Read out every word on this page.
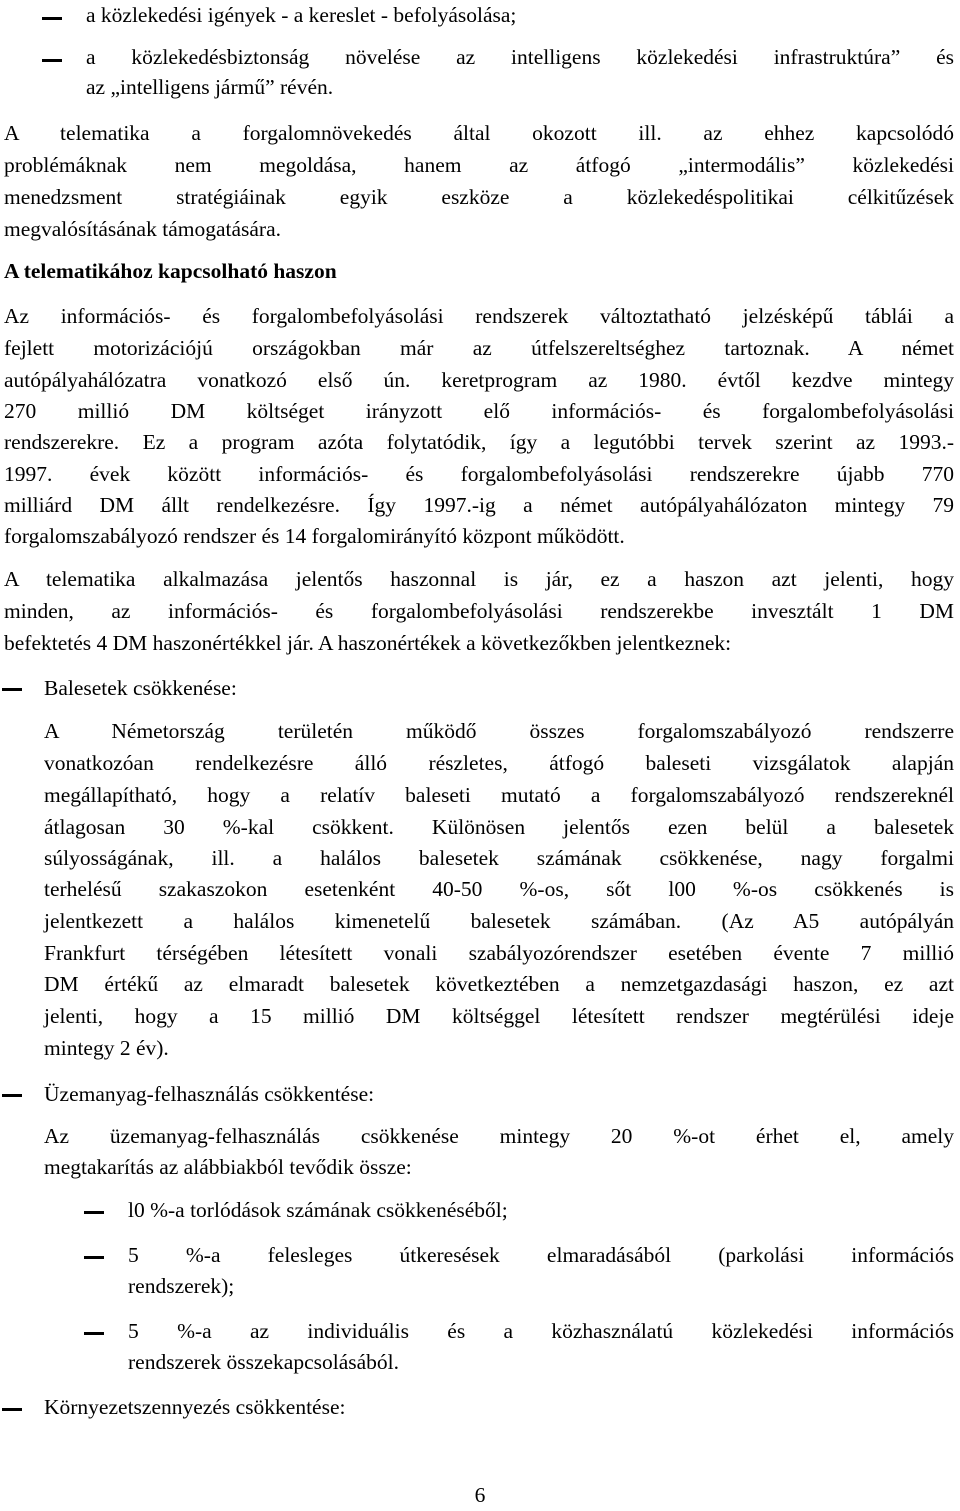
a közlekedési igények - a kereslet - befolyásolása;
a közlekedésbiztonság növelése az intelligens közlekedési infrastruktúra” és
az „intelligens jármű” révén.
A telematika a forgalomnövekedés által okozott ill. az ehhez kapcsolódó
problémáknak nem megoldása, hanem az átfogó „intermodális” közlekedési
menedzsment stratégiáinak egyik eszköze a közlekedéspolitikai célkitűzések
megvalósításának támogatására.
A telematikához kapcsolható haszon
Az információs- és forgalombefolyásolási rendszerek változtatható jelzésképű táblái a
fejlett motorizációjú országokban már az útfelszereltséghez tartoznak. A német
autópályahálózatra vonatkozó első ún. keretprogram az 1980. évtől kezdve mintegy
270 millió DM költséget irányzott elő információs- és forgalombefolyásolási
rendszerekre. Ez a program azóta folytatódik, így a legutóbbi tervek szerint az 1993.-
1997. évek között információs- és forgalombefolyásolási rendszerekre újabb 770
milliárd DM állt rendelkezésre. Így 1997.-ig a német autópályahálózaton mintegy 79
forgalomszabályozó rendszer és 14 forgalomirányító központ működött.
A telematika alkalmazása jelentős haszonnal is jár, ez a haszon azt jelenti, hogy
minden, az információs- és forgalombefolyásolási rendszerekbe invesztált 1 DM
befektetés 4 DM haszonértékkel jár. A haszonértékek a következőkben jelentkeznek:
Balesetek csökkenése:
A Németország területén működő összes forgalomszabályozó rendszerre
vonatkozóan rendelkezésre álló részletes, átfogó baleseti vizsgálatok alapján
megállapítható, hogy a relatív baleseti mutató a forgalomszabályozó rendszereknél
átlagosan 30 %-kal csökkent. Különösen jelentős ezen belül a balesetek
súlyosságának, ill. a halálos balesetek számának csökkenése, nagy forgalmi
terhelésű szakaszokon esetenként 40-50 %-os, sőt l00 %-os csökkenés is
jelentkezett a halálos kimenetelű balesetek számában. (Az A5 autópályán
Frankfurt térségében létesített vonali szabályozórendszer esetében évente 7 millió
DM értékű az elmaradt balesetek következtében a nemzetgazdasági haszon, ez azt
jelenti, hogy a 15 millió DM költséggel létesített rendszer megtérülési ideje
mintegy 2 év).
Üzemanyag-felhasználás csökkentése:
Az üzemanyag-felhasználás csökkenése mintegy 20 %-ot érhet el, amely
megtakarítás az alábbiakból tevődik össze:
l0 %-a torlódások számának csökkenéséből;
5 %-a felesleges útkeresések elmaradásából (parkolási információs
rendszerek);
5 %-a az individuális és a közhasználatú közlekedési információs
rendszerek összekapcsolásából.
Környezetszennyezés csökkentése:
6
